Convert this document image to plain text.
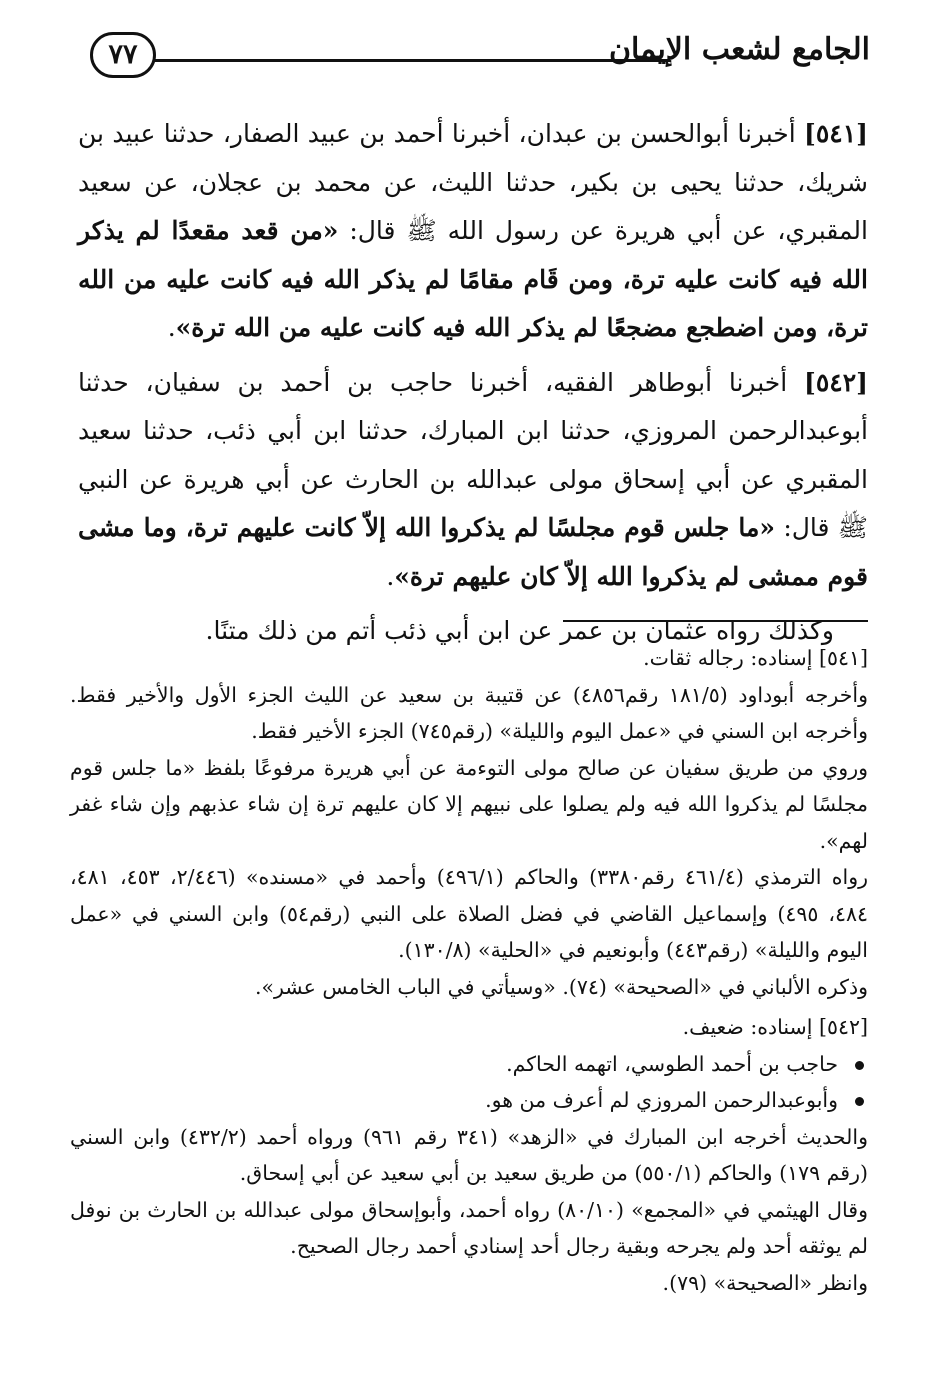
٧٧	الجامع لشعب الإيمان

[٥٤١] أخبرنا أبوالحسن بن عبدان، أخبرنا أحمد بن عبيد الصفار، حدثنا عبيد بن شريك، حدثنا يحيى بن بكير، حدثنا الليث، عن محمد بن عجلان، عن سعيد المقبري، عن أبي هريرة عن رسول الله ﷺ قال: «من قعد مقعدًا لم يذكر الله فيه كانت عليه ترة، ومن قَام مقامًا لم يذكر الله فيه كانت عليه من الله ترة، ومن اضطجع مضجعًا لم يذكر الله فيه كانت عليه من الله ترة».

[٥٤٢] أخبرنا أبوطاهر الفقيه، أخبرنا حاجب بن أحمد بن سفيان، حدثنا أبوعبدالرحمن المروزي، حدثنا ابن المبارك، حدثنا ابن أبي ذئب، حدثنا سعيد المقبري عن أبي إسحاق مولى عبدالله بن الحارث عن أبي هريرة عن النبي ﷺ قال: «ما جلس قوم مجلسًا لم يذكروا الله إلاّ كانت عليهم ترة، وما مشى قوم ممشى لم يذكروا الله إلاّ كان عليهم ترة».

وكذلك رواه عثمان بن عمر عن ابن أبي ذئب أتم من ذلك متنًا.

[٥٤١] إسناده: رجاله ثقات.

وأخرجه أبوداود (١٨١/٥ رقم٤٨٥٦) عن قتيبة بن سعيد عن الليث الجزء الأول والأخير فقط. وأخرجه ابن السني في «عمل اليوم والليلة» (رقم٧٤٥) الجزء الأخير فقط.

وروي من طريق سفيان عن صالح مولى التوءمة عن أبي هريرة مرفوعًا بلفظ «ما جلس قوم مجلسًا لم يذكروا الله فيه ولم يصلوا على نبيهم إلا كان عليهم ترة إن شاء عذبهم وإن شاء غفر لهم».

رواه الترمذي (٤٦١/٤ رقم٣٣٨٠) والحاكم (٤٩٦/١) وأحمد في «مسنده» (٢/٤٤٦، ٤٥٣، ٤٨١، ٤٨٤، ٤٩٥) وإسماعيل القاضي في فضل الصلاة على النبي (رقم٥٤) وابن السني في «عمل اليوم والليلة» (رقم٤٤٣) وأبونعيم في «الحلية» (١٣٠/٨).

وذكره الألباني في «الصحيحة» (٧٤). «وسيأتي في الباب الخامس عشر».

[٥٤٢] إسناده: ضعيف.

حاجب بن أحمد الطوسي، اتهمه الحاكم.
وأبوعبدالرحمن المروزي لم أعرف من هو.

والحديث أخرجه ابن المبارك في «الزهد» (٣٤١ رقم ٩٦١) ورواه أحمد (٤٣٢/٢) وابن السني (رقم ١٧٩) والحاكم (٥٥٠/١) من طريق سعيد بن أبي سعيد عن أبي إسحاق.

وقال الهيثمي في «المجمع» (٨٠/١٠) رواه أحمد، وأبوإسحاق مولى عبدالله بن الحارث بن نوفل لم يوثقه أحد ولم يجرحه وبقية رجال أحد إسنادي أحمد رجال الصحيح.

وانظر «الصحيحة» (٧٩).
